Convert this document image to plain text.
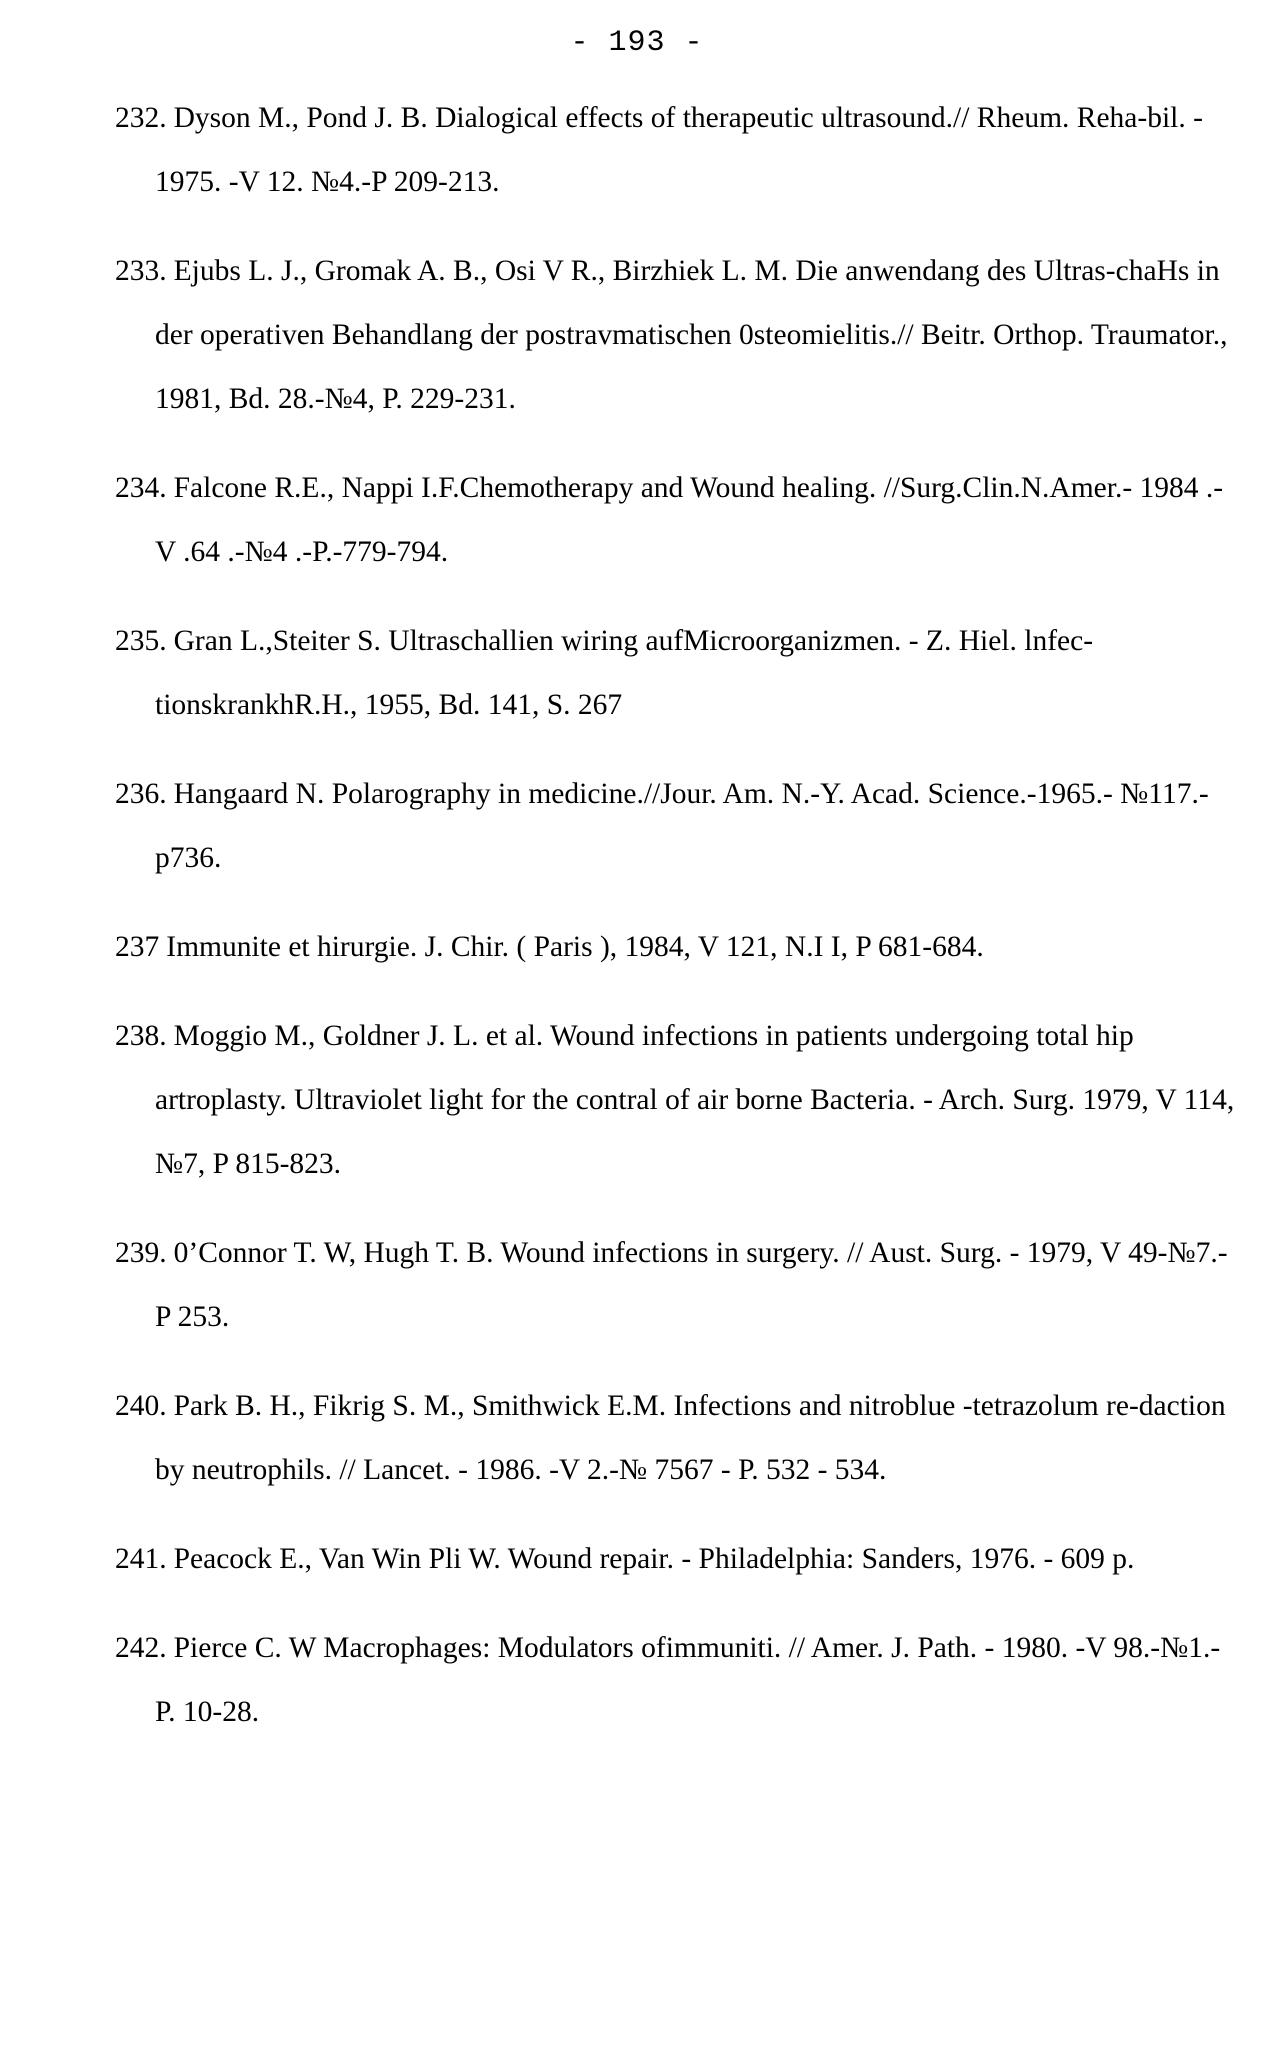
- 193 -
232. Dyson M., Pond J. B. Dialogical effects of therapeutic ultrasound.// Rheum. Reha-bil. - 1975. -V 12. №4.-P 209-213.
233. Ejubs L. J., Gromak A. B., Osi V R., Birzhiek L. M. Die anwendang des Ultras-chaHs in der operativen Behandlang der postravmatischen 0steomielitis.// Beitr. Orthop. Traumator., 1981, Bd. 28.-№4, P. 229-231.
234. Falcone R.E., Nappi I.F.Chemotherapy and Wound healing. //Surg.Clin.N.Amer.- 1984 .-V .64 .-№4 .-P.-779-794.
235. Gran L.,Steiter S. Ultraschallien wiring aufMicroorganizmen. - Z. Hiel. lnfec-tionskrankhR.H., 1955, Bd. 141, S. 267
236. Hangaard N. Polarography in medicine.//Jour. Am. N.-Y. Acad. Science.-1965.- №117.-p736.
237 Immunite et hirurgie. J. Chir. ( Paris ), 1984, V 121, N.I I, P 681-684.
238. Moggio M., Goldner J. L. et al. Wound infections in patients undergoing total hip artroplasty. Ultraviolet light for the contral of air borne Bacteria. - Arch. Surg. 1979, V 114, №7, P 815-823.
239. 0’Connor T. W, Hugh T. B. Wound infections in surgery. // Aust. Surg. - 1979, V 49-№7.-P 253.
240. Park B. H., Fikrig S. M., Smithwick E.M. Infections and nitroblue -tetrazolum re-daction by neutrophils. // Lancet. - 1986. -V 2.-№ 7567 - P. 532 - 534.
241. Peacock E., Van Win Pli W. Wound repair. - Philadelphia: Sanders, 1976. - 609 p.
242. Pierce C. W Macrophages: Modulators ofimmuniti. // Amer. J. Path. - 1980. -V 98.-№1.-P. 10-28.
